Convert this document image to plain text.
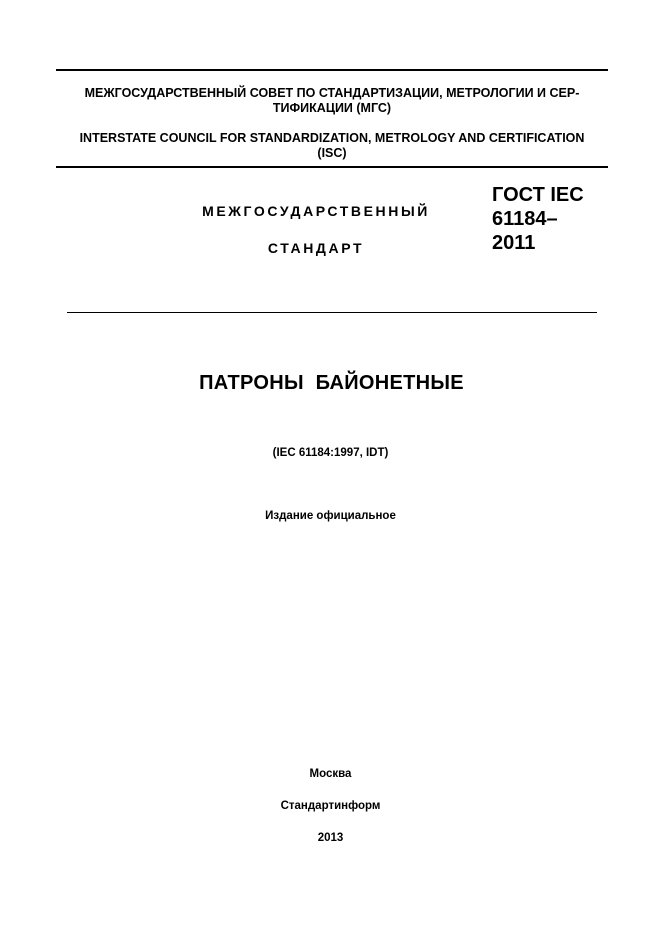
МЕЖГОСУДАРСТВЕННЫЙ СОВЕТ ПО СТАНДАРТИЗАЦИИ, МЕТРОЛОГИИ И СЕР-
ТИФИКАЦИИ (МГС)
INTERSTATE COUNCIL FOR STANDARDIZATION, METROLOGY AND CERTIFICATION
(ISC)
МЕЖГОСУДАРСТВЕННЫЙ
СТАНДАРТ
ГОСТ IEC
61184–
2011
ПАТРОНЫ  БАЙОНЕТНЫЕ
(IEC 61184:1997, IDT)
Издание официальное
Москва
Стандартинформ
2013
